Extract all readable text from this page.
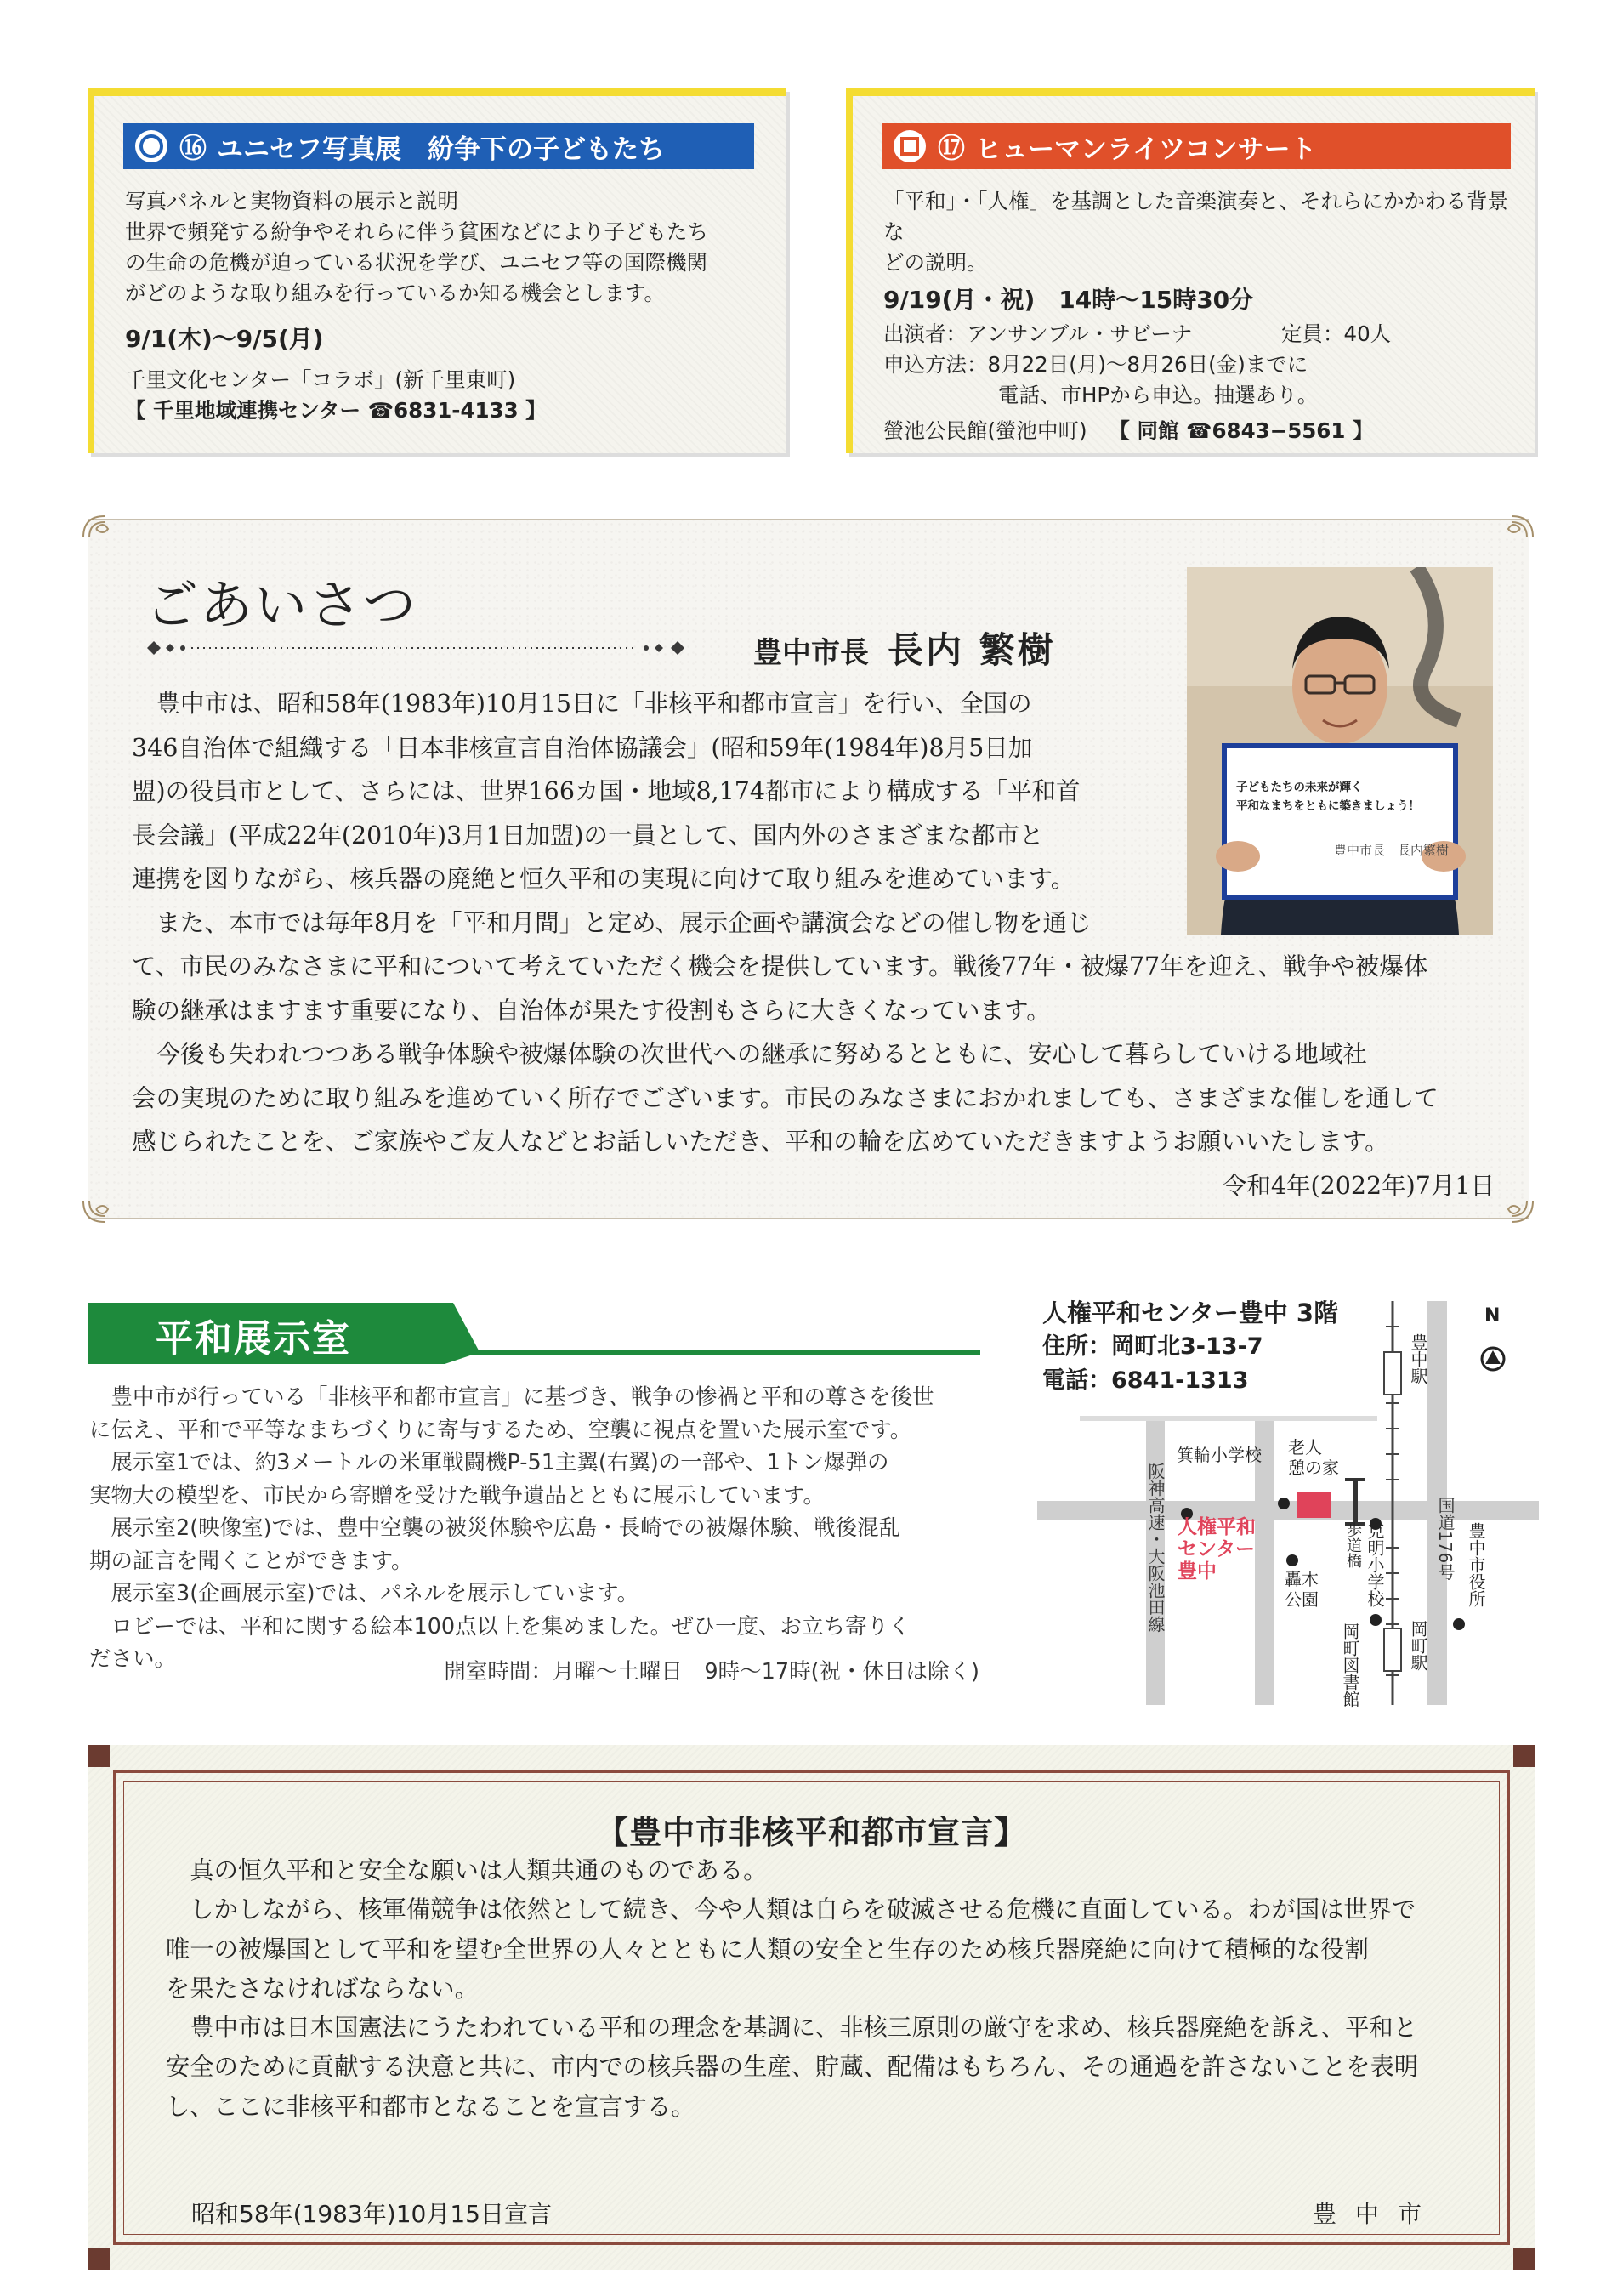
⑯ ユニセフ写真展　紛争下の子どもたち
写真パネルと実物資料の展示と説明
世界で頻発する紛争やそれらに伴う貧困などにより子どもたち
の生命の危機が迫っている状況を学び、ユニセフ等の国際機関
がどのような取り組みを行っているか知る機会とします。
9/1(木)〜9/5(月)
千里文化センター「コラボ」(新千里東町)
【 千里地域連携センター ☎6831-4133 】
⑰ ヒューマンライツコンサート
「平和」・「人権」を基調とした音楽演奏と、それらにかかわる背景な
どの説明。
9/19(月・祝)　14時〜15時30分
出演者：アンサンブル・サビーナ	定員：40人
申込方法：8月22日(月)〜8月26日(金)までに
電話、市HPから申込。抽選あり。
螢池公民館(螢池中町) 【 同館 ☎6843−5561 】
ごあいさつ
豊中市長 長内 繁樹
子どもたちの未来が輝く
平和なまちをともに築きましょう！
豊中市長　長内繁樹

豊中市は、昭和58年(1983年)10月15日に「非核平和都市宣言」を行い、全国の

346自治体で組織する「日本非核宣言自治体協議会」(昭和59年(1984年)8月5日加
盟)の役員市として、さらには、世界166カ国・地域8,174都市により構成する「平和首
長会議」(平成22年(2010年)3月1日加盟)の一員として、国内外のさまざまな都市と
連携を図りながら、核兵器の廃絶と恒久平和の実現に向けて取り組みを進めています。

また、本市では毎年8月を「平和月間」と定め、展示企画や講演会などの催し物を通じ

て、市民のみなさまに平和について考えていただく機会を提供しています。戦後77年・被爆77年を迎え、戦争や被爆体
験の継承はますます重要になり、自治体が果たす役割もさらに大きくなっています。

今後も失われつつある戦争体験や被爆体験の次世代への継承に努めるとともに、安心して暮らしていける地域社

会の実現のために取り組みを進めていく所存でございます。市民のみなさまにおかれましても、さまざまな催しを通して
感じられたことを、ご家族やご友人などとお話しいただき、平和の輪を広めていただきますようお願いいたします。
令和4年(2022年)7月1日
平和展示室

豊中市が行っている「非核平和都市宣言」に基づき、戦争の惨禍と平和の尊さを後世

に伝え、平和で平等なまちづくりに寄与するため、空襲に視点を置いた展示室です。

展示室1では、約3メートルの米軍戦闘機P-51主翼(右翼)の一部や、1トン爆弾の

実物大の模型を、市民から寄贈を受けた戦争遺品とともに展示しています。

展示室2(映像室)では、豊中空襲の被災体験や広島・長崎での被爆体験、戦後混乱

期の証言を聞くことができます。

展示室3(企画展示室)では、パネルを展示しています。

ロビーでは、平和に関する絵本100点以上を集めました。ぜひ一度、お立ち寄りく

ださい。	開室時間：月曜〜土曜日　9時〜17時(祝・休日は除く)
人権平和センター豊中 3階
住所：岡町北3-13-7
電話：6841-1313
N
豊中駅
岡町駅
箕輪小学校 老人
憩の家
人権平和
センター
豊中	轟木
公園
歩道橋 克明小学校
岡町図書館
阪神高速・大阪池田線	国道176号 豊中市役所
【豊中市非核平和都市宣言】

真の恒久平和と安全な願いは人類共通のものである。

しかしながら、核軍備競争は依然として続き、今や人類は自らを破滅させる危機に直面している。わが国は世界で

唯一の被爆国として平和を望む全世界の人々とともに人類の安全と生存のため核兵器廃絶に向けて積極的な役割
を果たさなければならない。

豊中市は日本国憲法にうたわれている平和の理念を基調に、非核三原則の厳守を求め、核兵器廃絶を訴え、平和と

安全のために貢献する決意と共に、市内での核兵器の生産、貯蔵、配備はもちろん、その通過を許さないことを表明
し、ここに非核平和都市となることを宣言する。
昭和58年(1983年)10月15日宣言	豊中市
